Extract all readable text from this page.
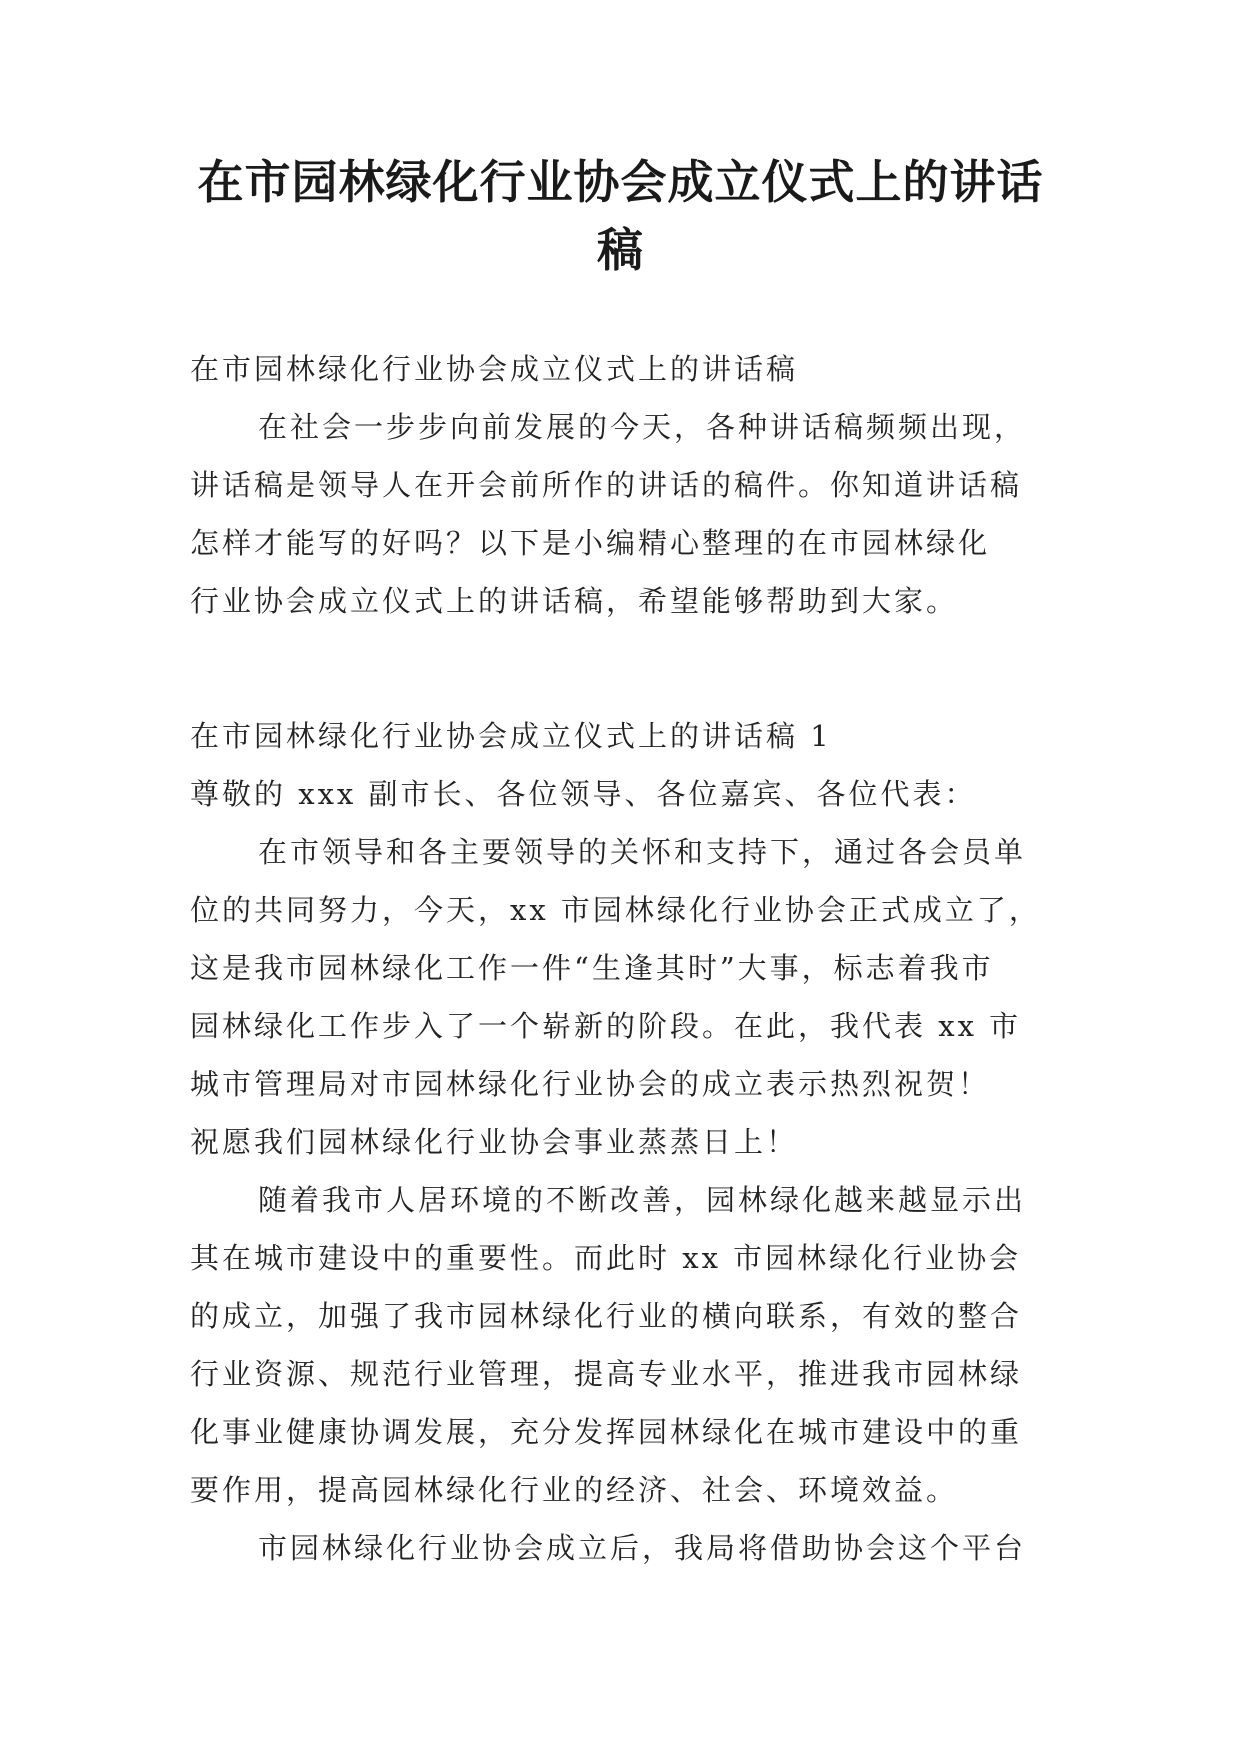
在市园林绿化行业协会成立仪式上的讲话
稿
在市园林绿化行业协会成立仪式上的讲话稿
在社会一步步向前发展的今天，各种讲话稿频频出现，
讲话稿是领导人在开会前所作的讲话的稿件。你知道讲话稿
怎样才能写的好吗？以下是小编精心整理的在市园林绿化
行业协会成立仪式上的讲话稿，希望能够帮助到大家。
在市园林绿化行业协会成立仪式上的讲话稿 1
尊敬的 xxx 副市长、各位领导、各位嘉宾、各位代表：
在市领导和各主要领导的关怀和支持下，通过各会员单
位的共同努力，今天，xx 市园林绿化行业协会正式成立了，
这是我市园林绿化工作一件“生逢其时”大事，标志着我市
园林绿化工作步入了一个崭新的阶段。在此，我代表 xx 市
城市管理局对市园林绿化行业协会的成立表示热烈祝贺！
祝愿我们园林绿化行业协会事业蒸蒸日上！
随着我市人居环境的不断改善，园林绿化越来越显示出
其在城市建设中的重要性。而此时 xx 市园林绿化行业协会
的成立，加强了我市园林绿化行业的横向联系，有效的整合
行业资源、规范行业管理，提高专业水平，推进我市园林绿
化事业健康协调发展，充分发挥园林绿化在城市建设中的重
要作用，提高园林绿化行业的经济、社会、环境效益。
市园林绿化行业协会成立后，我局将借助协会这个平台
